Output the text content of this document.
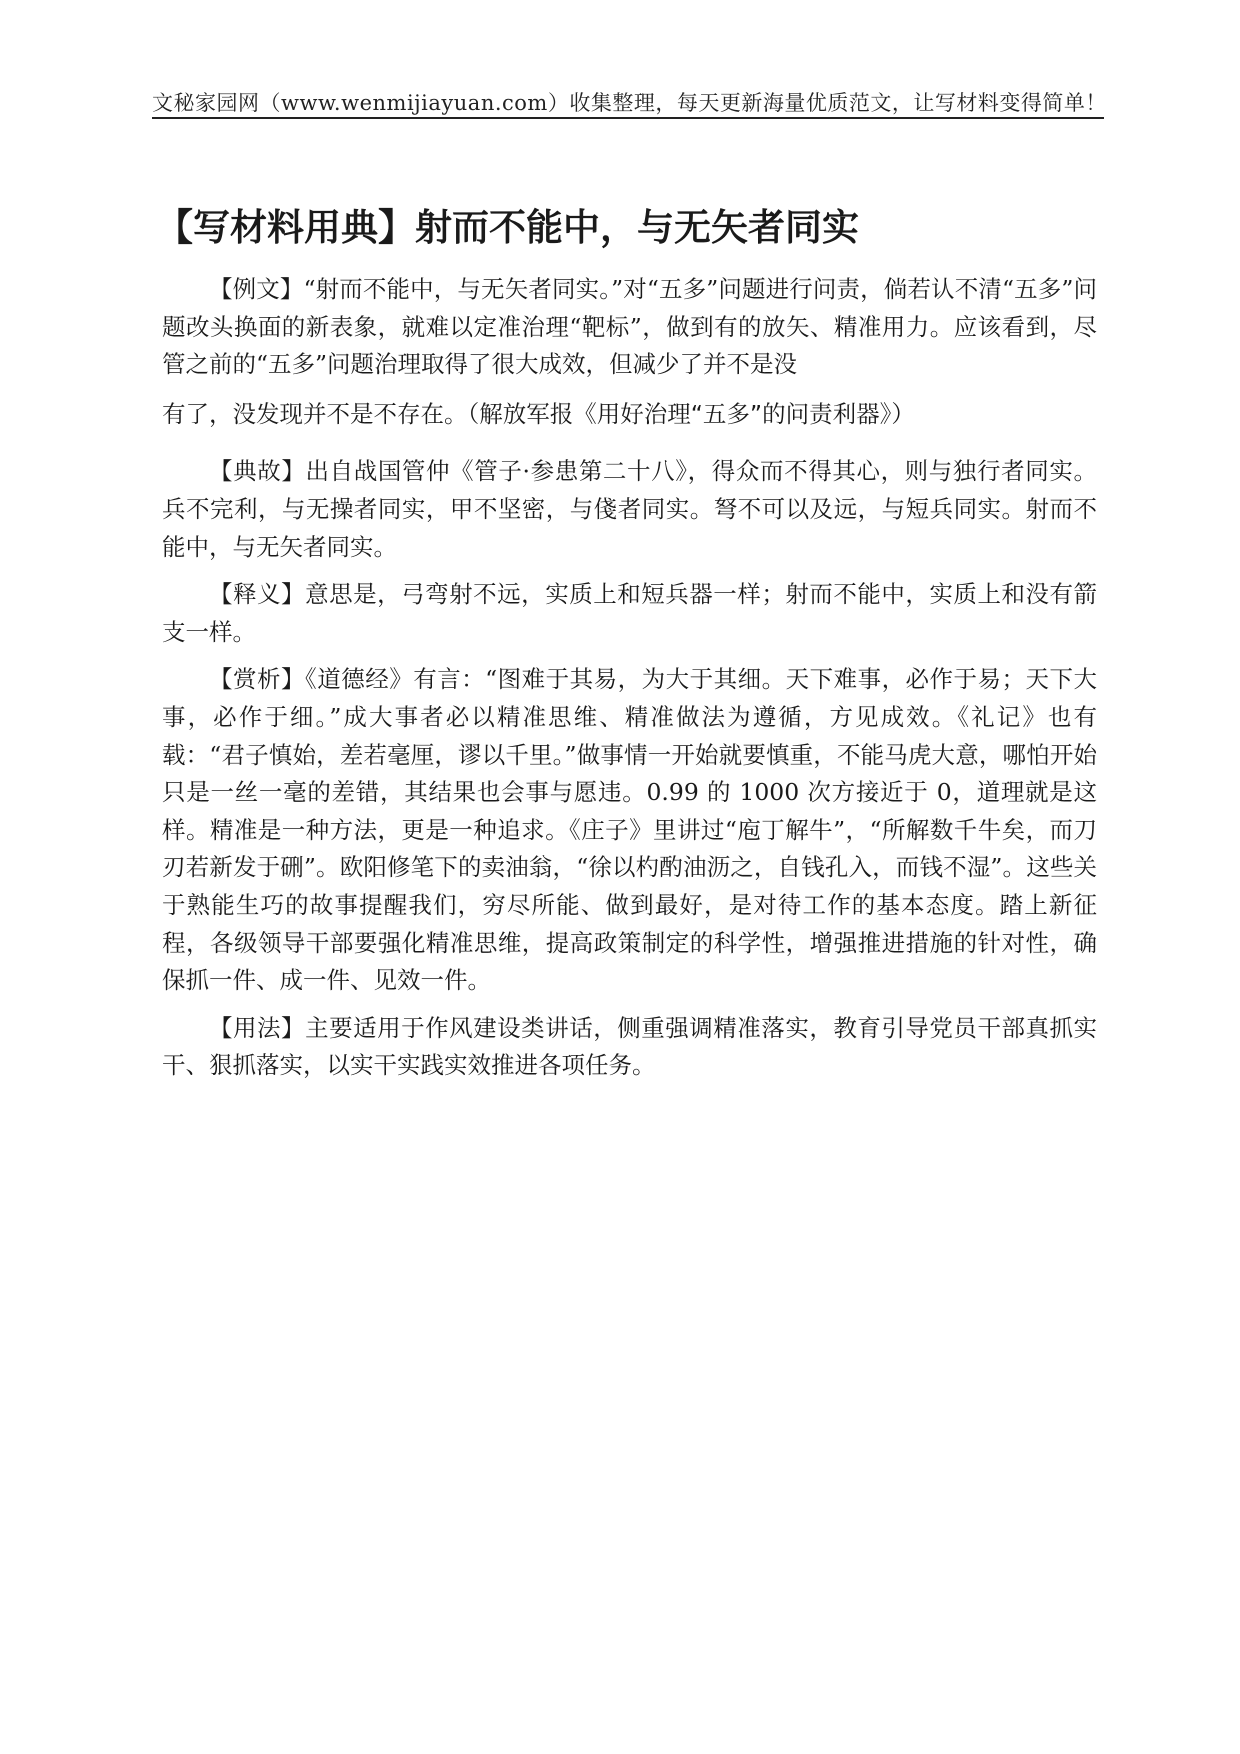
文秘家园网（www.wenmijiayuan.com）收集整理，每天更新海量优质范文，让写材料变得简单！
【写材料用典】射而不能中，与无矢者同实

【例文】“射而不能中，与无矢者同实。”对“五多”问题进行问责，倘若认不清“五多”问题改头换面的新表象，就难以定准治理“靶标”，做到有的放矢、精准用力。应该看到，尽管之前的“五多”问题治理取得了很大成效，但减少了并不是没
有了，没发现并不是不存在。（解放军报《用好治理“五多”的问责利器》）

【典故】出自战国管仲《管子·参患第二十八》，得众而不得其心，则与独行者同实。兵不完利，与无操者同实，甲不坚密，与俴者同实。弩不可以及远，与短兵同实。射而不能中，与无矢者同实。

【释义】意思是，弓弯射不远，实质上和短兵器一样；射而不能中，实质上和没有箭支一样。

【赏析】《道德经》有言：“图难于其易，为大于其细。天下难事，必作于易；天下大事，必作于细。”成大事者必以精准思维、精准做法为遵循，方见成效。《礼记》也有载：“君子慎始，差若毫厘，谬以千里。”做事情一开始就要慎重，不能马虎大意，哪怕开始只是一丝一毫的差错，其结果也会事与愿违。0.99 的 1000 次方接近于 0，道理就是这样。精准是一种方法，更是一种追求。《庄子》里讲过“庖丁解牛”，“所解数千牛矣，而刀刃若新发于硎”。欧阳修笔下的卖油翁，“徐以杓酌油沥之，自钱孔入，而钱不湿”。这些关于熟能生巧的故事提醒我们，穷尽所能、做到最好，是对待工作的基本态度。踏上新征程，各级领导干部要强化精准思维，提高政策制定的科学性，增强推进措施的针对性，确保抓一件、成一件、见效一件。

【用法】主要适用于作风建设类讲话，侧重强调精准落实，教育引导党员干部真抓实干、狠抓落实，以实干实践实效推进各项任务。
